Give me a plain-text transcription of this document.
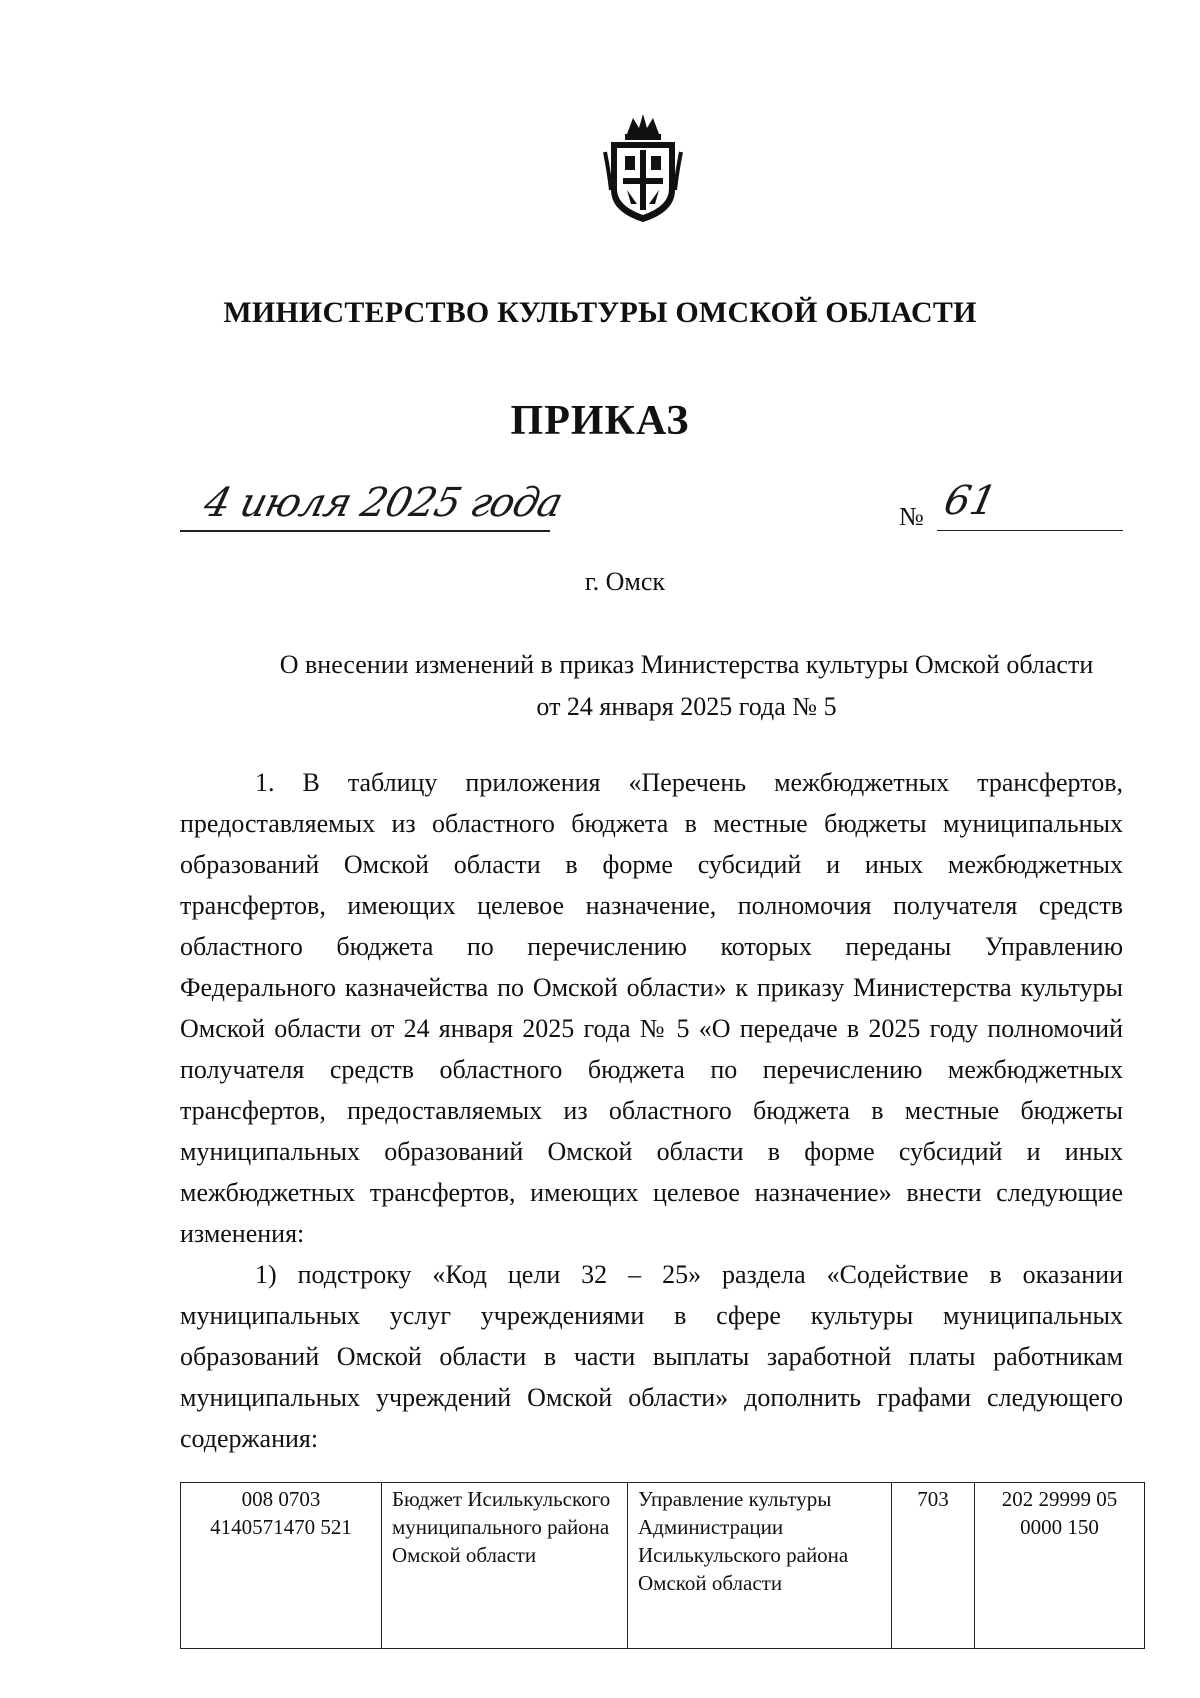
МИНИСТЕРСТВО КУЛЬТУРЫ ОМСКОЙ ОБЛАСТИ
ПРИКАЗ
4 июля 2025 года	№ 61
г. Омск
О внесении изменений в приказ Министерства культуры Омской области
от 24 января 2025 года № 5

1. В таблицу приложения «Перечень межбюджетных трансфертов, предоставляемых из областного бюджета в местные бюджеты муниципальных образований Омской области в форме субсидий и иных межбюджетных трансфертов, имеющих целевое назначение, полномочия получателя средств областного бюджета по перечислению которых переданы Управлению Федерального казначейства по Омской области» к приказу Министерства культуры Омской области от 24 января 2025 года № 5 «О передаче в 2025 году полномочий получателя средств областного бюджета по перечислению межбюджетных трансфертов, предоставляемых из областного бюджета в местные бюджеты муниципальных образований Омской области в форме субсидий и иных межбюджетных трансфертов, имеющих целевое назначение» внести следующие изменения:

1) подстроку «Код цели 32 – 25» раздела «Содействие в оказании муниципальных услуг учреждениями в сфере культуры муниципальных образований Омской области в части выплаты заработной платы работникам муниципальных учреждений Омской области» дополнить графами следующего содержания:

008 0703 4140571470 521	Бюджет Исилькульского муниципального района Омской области	Управление культуры Администрации Исилькульского района Омской области	703	202 29999 05 0000 150
